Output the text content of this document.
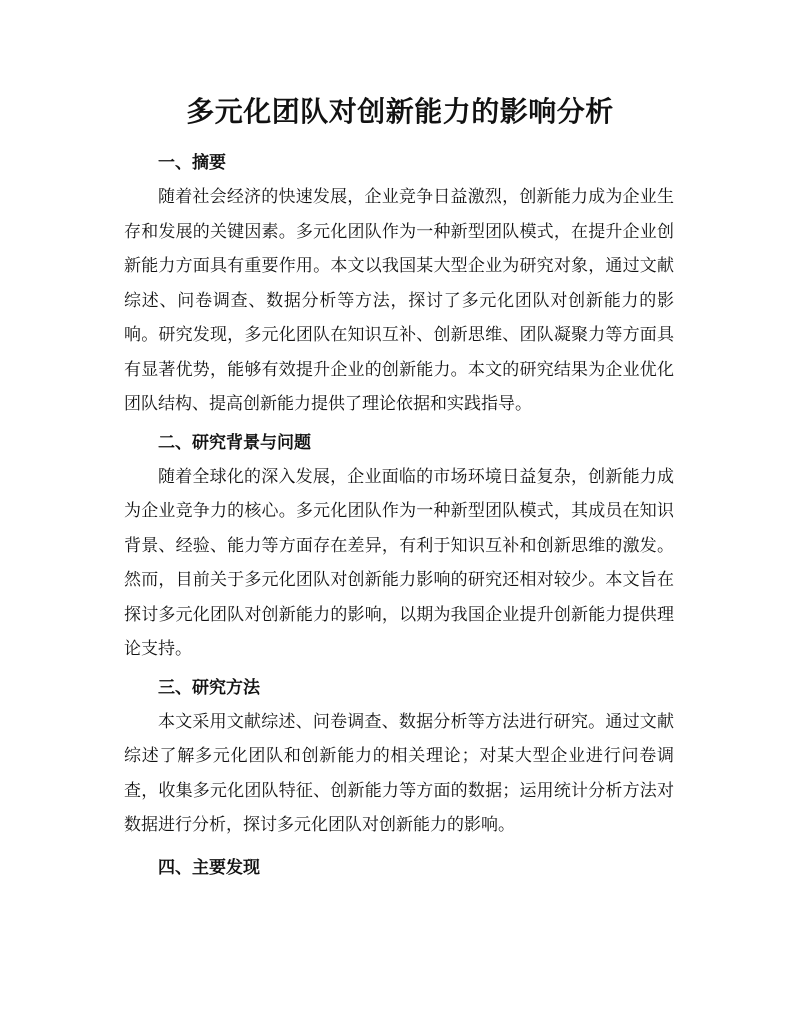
多元化团队对创新能力的影响分析
一、摘要

随着社会经济的快速发展，企业竞争日益激烈，创新能力成为企业生存和发展的关键因素。多元化团队作为一种新型团队模式，在提升企业创新能力方面具有重要作用。本文以我国某大型企业为研究对象，通过文献综述、问卷调查、数据分析等方法，探讨了多元化团队对创新能力的影响。研究发现，多元化团队在知识互补、创新思维、团队凝聚力等方面具有显著优势，能够有效提升企业的创新能力。本文的研究结果为企业优化团队结构、提高创新能力提供了理论依据和实践指导。

二、研究背景与问题

随着全球化的深入发展，企业面临的市场环境日益复杂，创新能力成为企业竞争力的核心。多元化团队作为一种新型团队模式，其成员在知识背景、经验、能力等方面存在差异，有利于知识互补和创新思维的激发。然而，目前关于多元化团队对创新能力影响的研究还相对较少。本文旨在探讨多元化团队对创新能力的影响，以期为我国企业提升创新能力提供理论支持。

三、研究方法

本文采用文献综述、问卷调查、数据分析等方法进行研究。通过文献综述了解多元化团队和创新能力的相关理论；对某大型企业进行问卷调查，收集多元化团队特征、创新能力等方面的数据；运用统计分析方法对数据进行分析，探讨多元化团队对创新能力的影响。

四、主要发现
